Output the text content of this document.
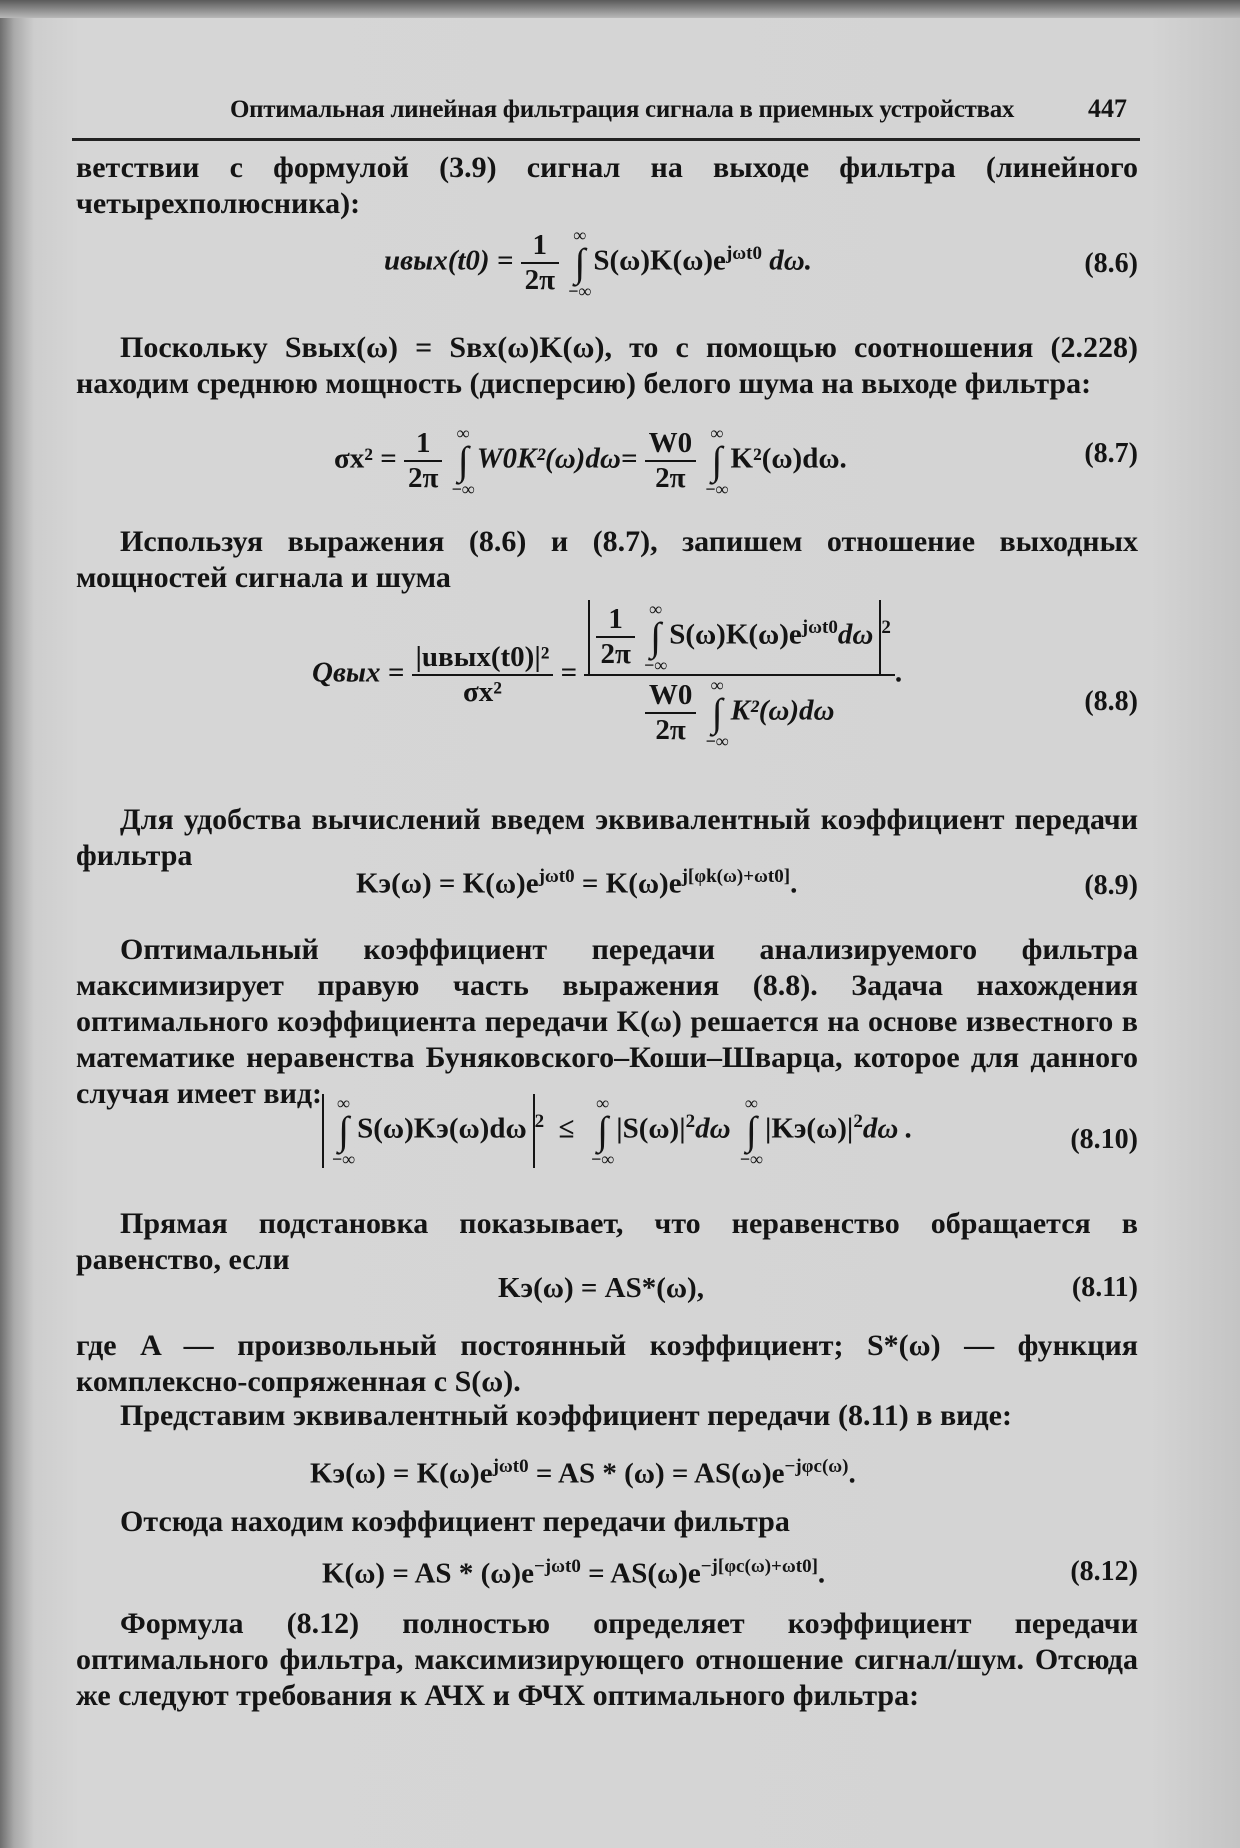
Оптимальная линейная фильтрация сигнала в приемных устройствах	447
ветствии с формулой (3.9) сигнал на выходе фильтра (линейного четырехполюсника):
uвых(t0) = $\frac{1}{2\pi}$ ∞
∫
$-\infty S(\omega)K(\omega)e^{j\omega t0}$ dω.	(8.6)
Поскольку Sвых(ω) = Sвх(ω)K(ω), то с помощью соотношения (2.228) находим среднюю мощность (дисперсию) белого шума на выходе фильтра:
$\sigma x^2 = \frac{1}{2\pi}$ ∞
∫
$-\infty W0K^2(\omega)d\omega= \frac{W0}{2\pi}$ ∞
∫
−∞K²(ω)dω.	(8.7)
Используя выражения (8.6) и (8.7), запишем отношение выходных мощностей сигнала и шума
Qвых = $\frac{\text{|uвых(t0)|²}}{\text{σx²}} = \frac{1}{2\pi}$ ∞
∫
$-\infty S(\omega)K(\omega)e^{j\omega t0}d\omega$ $^2$
$\frac{W0}{2\pi}$ ∞
∫
−∞K²(ω)dω .
(8.8)
Для удобства вычислений введем эквивалентный коэффициент передачи фильтра
$Kэ(\omega) = K(\omega)e^{j\omega t0} = K(\omega)e^{j[\varphi k(\omega)+\omega t0]}$.	(8.9)
Оптимальный коэффициент передачи анализируемого фильтра максимизирует правую часть выражения (8.8). Задача нахождения оптимального коэффициента передачи K(ω) решается на основе известного в математике неравенства Буняковского–Коши–Шварца, которое для данного случая имеет вид: ∞
∫
−∞S(ω)Kэ(ω)dω $^2$ ≤  ∞
∫
$-\infty|S(\omega)|^2d\omega$ ∞
∫
$-\infty|Kэ(\omega)|^2d\omega$ .	(8.10)
Прямая подстановка показывает, что неравенство обращается в равенство, если
Kэ(ω) = AS*(ω),	(8.11)
где A — произвольный постоянный коэффициент; S*(ω) — функция комплексно-сопряженная с S(ω).
Представим эквивалентный коэффициент передачи (8.11) в виде:
$Kэ(\omega) = K(\omega)e^{j\omega t0}$ = AS * $(\omega) = AS(\omega)e^{-j\varphi c(\omega)}$.
Отсюда находим коэффициент передачи фильтра
K(ω) = AS * $(\omega)e^{-j\omega t0} = AS(\omega)e^{-j[\varphi c(\omega)+\omega t0]}$.	(8.12)
Формула (8.12) полностью определяет коэффициент передачи оптимального фильтра, максимизирующего отношение сигнал/шум. Отсюда же следуют требования к АЧХ и ФЧХ оптимального фильтра:
